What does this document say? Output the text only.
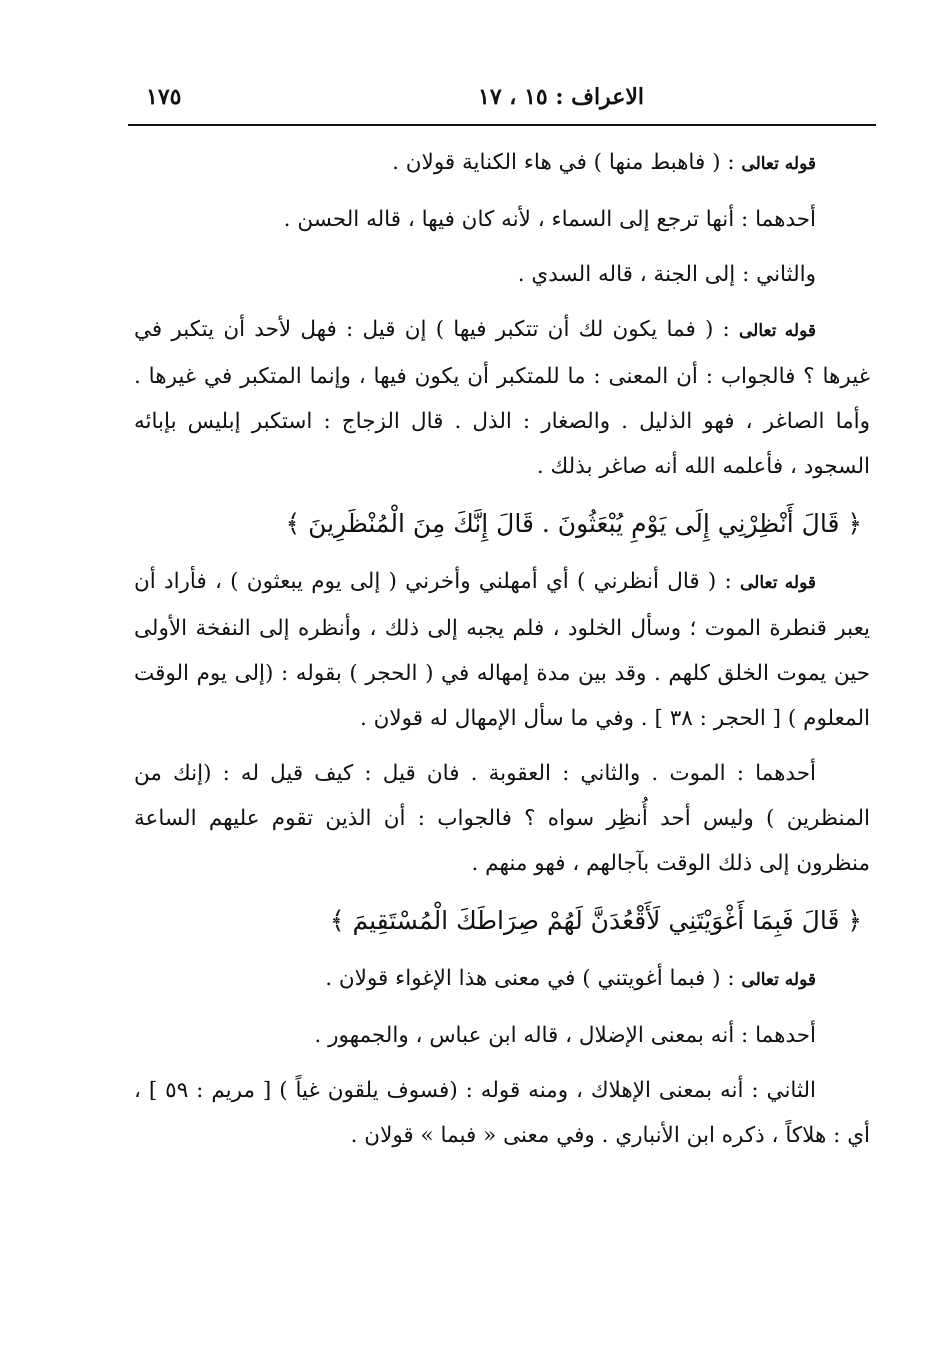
الاعراف : ١٥ ، ١٧
١٧٥

قوله تعالى : ( فاهبط منها ) في هاء الكناية قولان .

أحدهما : أنها ترجع إلى السماء ، لأنه كان فيها ، قاله الحسن .

والثاني : إلى الجنة ، قاله السدي .

قوله تعالى : ( فما يكون لك أن تتكبر فيها ) إن قيل : فهل لأحد أن يتكبر في غيرها ؟ فالجواب : أن المعنى : ما للمتكبر أن يكون فيها ، وإنما المتكبر في غيرها . وأما الصاغر ، فهو الذليل . والصغار : الذل . قال الزجاج : استكبر إبليس بإبائه السجود ، فأعلمه الله أنه صاغر بذلك .

﴿ قَالَ أَنْظِرْنِي إِلَى يَوْمِ يُبْعَثُونَ . قَالَ إِنَّكَ مِنَ الْمُنْظَرِينَ ﴾

قوله تعالى : ( قال أنظرني ) أي أمهلني وأخرني ( إلى يوم يبعثون ) ، فأراد أن يعبر قنطرة الموت ؛ وسأل الخلود ، فلم يجبه إلى ذلك ، وأنظره إلى النفخة الأولى حين يموت الخلق كلهم . وقد بين مدة إمهاله في ( الحجر ) بقوله : (إلى يوم الوقت المعلوم ) [ الحجر : ٣٨ ] . وفي ما سأل الإمهال له قولان .

أحدهما : الموت . والثاني : العقوبة . فان قيل : كيف قيل له : (إنك من المنظرين ) وليس أحد أُنظِر سواه ؟ فالجواب : أن الذين تقوم عليهم الساعة منظرون إلى ذلك الوقت بآجالهم ، فهو منهم .

﴿ قَالَ فَبِمَا أَغْوَيْتَنِي لَأَقْعُدَنَّ لَهُمْ صِرَاطَكَ الْمُسْتَقِيمَ ﴾

قوله تعالى : ( فبما أغويتني ) في معنى هذا الإغواء قولان .

أحدهما : أنه بمعنى الإضلال ، قاله ابن عباس ، والجمهور .

الثاني : أنه بمعنى الإهلاك ، ومنه قوله : (فسوف يلقون غياً ) [ مريم : ٥٩ ] ، أي : هلاكاً ، ذكره ابن الأنباري . وفي معنى « فبما » قولان .
